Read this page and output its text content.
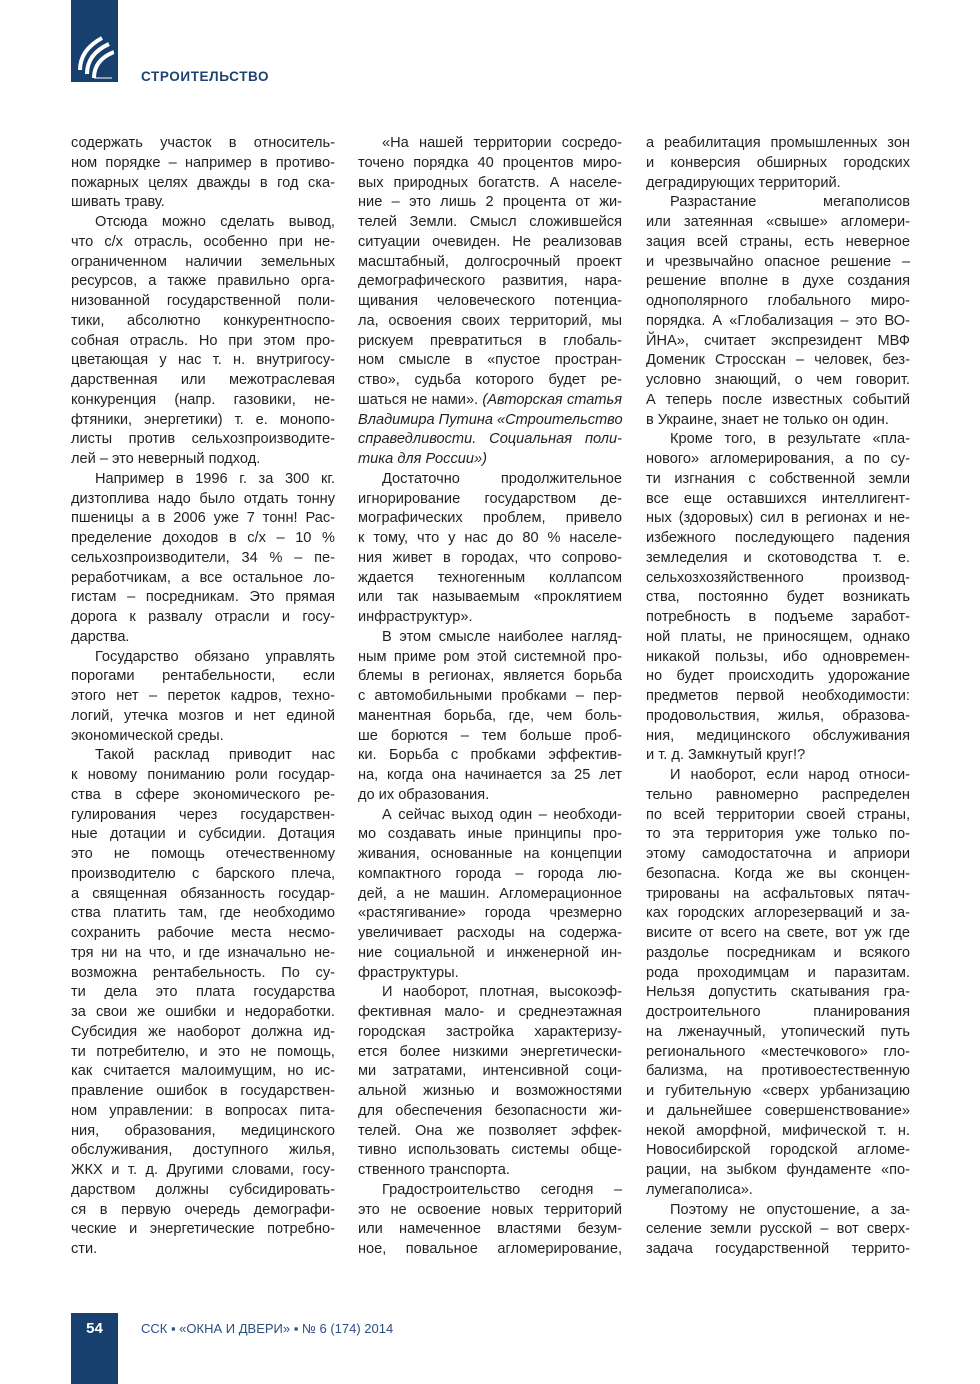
СТРОИТЕЛЬСТВО
содержать участок в относитель-
ном порядке – например в противо-
пожарных целях дважды в год ска-
шивать траву.
Отсюда можно сделать вывод,
что с/х отрасль, особенно при не-
ограниченном наличии земельных
ресурсов, а также правильно орга-
низованной государственной поли-
тики, абсолютно конкурентноспо-
собная отрасль. Но при этом про-
цветающая у нас т. н. внутригосу-
дарственная или межотраслевая
конкуренция (напр. газовики, не-
фтяники, энергетики) т. е. монопо-
листы против сельхозпроизводите-
лей – это неверный подход.
Например в 1996 г. за 300 кг.
дизтоплива надо было отдать тонну
пшеницы а в 2006 уже 7 тонн! Рас-
пределение доходов в с/х – 10 %
сельхозпроизводители, 34 % – пе-
реработчикам, а все остальное ло-
гистам – посредникам. Это прямая
дорога к развалу отрасли и госу-
дарства.
Государство обязано управлять
порогами рентабельности, если
этого нет – переток кадров, техно-
логий, утечка мозгов и нет единой
экономической среды.
Такой расклад приводит нас
к новому пониманию роли государ-
ства в сфере экономического ре-
гулирования через государствен-
ные дотации и субсидии. Дотация
это не помощь отечественному
производителю с барского плеча,
а священная обязанность государ-
ства платить там, где необходимо
сохранить рабочие места несмо-
тря ни на что, и где изначально не-
возможна рентабельность. По су-
ти дела это плата государства
за свои же ошибки и недоработки.
Субсидия же наоборот должна ид-
ти потребителю, и это не помощь,
как считается малоимущим, но ис-
правление ошибок в государствен-
ном управлении: в вопросах пита-
ния, образования, медицинского
обслуживания, доступного жилья,
ЖКХ и т. д. Другими словами, госу-
дарством должны субсидировать-
ся в первую очередь демографи-
ческие и энергетические потребно-
сти.
«На нашей территории сосредо-
точено порядка 40 процентов миро-
вых природных богатств. А населе-
ние – это лишь 2 процента от жи-
телей Земли. Смысл сложившейся
ситуации очевиден. Не реализовав
масштабный, долгосрочный проект
демографического развития, нара-
щивания человеческого потенциа-
ла, освоения своих территорий, мы
рискуем превратиться в глобаль-
ном смысле в «пустое простран-
ство», судьба которого будет ре-
шаться не нами». (Авторская статья
Владимира Путина «Строительство
справедливости. Социальная поли-
тика для России»)
Достаточно продолжительное
игнорирование государством де-
мографических проблем, привело
к тому, что у нас до 80 % населе-
ния живет в городах, что сопрово-
ждается техногенным коллапсом
или так называемым «проклятием
инфраструктур».
В этом смысле наиболее нагляд-
ным приме ром этой системной про-
блемы в регионах, является борьба
с автомобильными пробками – пер-
манентная борьба, где, чем боль-
ше борются – тем больше проб-
ки. Борьба с пробками эффектив-
на, когда она начинается за 25 лет
до их образования.
А сейчас выход один – необходи-
мо создавать иные принципы про-
живания, основанные на концепции
компактного города – города лю-
дей, а не машин. Агломерационное
«растягивание» города чрезмерно
увеличивает расходы на содержа-
ние социальной и инженерной ин-
фраструктуры.
И наоборот, плотная, высокоэф-
фективная мало- и среднеэтажная
городская застройка характеризу-
ется более низкими энергетически-
ми затратами, интенсивной соци-
альной жизнью и возможностями
для обеспечения безопасности жи-
телей. Она же позволяет эффек-
тивно использовать системы обще-
ственного транспорта.
Градостроительство сегодня –
это не освоение новых территорий
или намеченное властями безум-
ное, повальное агломерирование,
а реабилитация промышленных зон
и конверсия обширных городских
деградирующих территорий.
Разрастание мегаполисов
или затеянная «свыше» агломери-
зация всей страны, есть неверное
и чрезвычайно опасное решение –
решение вполне в духе создания
однополярного глобального миро-
порядка. А «Глобализация – это ВО-
ЙНА», считает экспрезидент МВФ
Доменик Стросскан – человек, без-
условно знающий, о чем говорит.
А теперь после известных событий
в Украине, знает не только он один.
Кроме того, в результате «пла-
нового» агломерирования, а по су-
ти изгнания с собственной земли
все еще оставшихся интеллигент-
ных (здоровых) сил в регионах и не-
избежного последующего падения
земледелия и скотоводства т. е.
сельхозхозяйственного производ-
ства, постоянно будет возникать
потребность в подъеме заработ-
ной платы, не приносящем, однако
никакой пользы, ибо одновремен-
но будет происходить удорожание
предметов первой необходимости:
продовольствия, жилья, образова-
ния, медицинского обслуживания
и т. д. Замкнутый круг!?
И наоборот, если народ относи-
тельно равномерно распределен
по всей территории своей страны,
то эта территория уже только по-
этому самодостаточна и априори
безопасна. Когда же вы сконцен-
трированы на асфальтовых пятач-
ках городских аглорезерваций и за-
висите от всего на свете, вот уж где
раздолье посредникам и всякого
рода проходимцам и паразитам.
Нельзя допустить скатывания гра-
достроительного планирования
на лженаучный, утопический путь
регионального «местечкового» гло-
бализма, на противоестественную
и губительную «сверх урбанизацию
и дальнейшее совершенствование»
некой аморфной, мифической т. н.
Новосибирской городской агломе-
рации, на зыбком фундаменте «по-
лумегаполиса».
Поэтому не опустошение, а за-
селение земли русской – вот сверх-
задача государственной террито-
54	ССК ▪ «ОКНА И ДВЕРИ» ▪ № 6 (174) 2014
